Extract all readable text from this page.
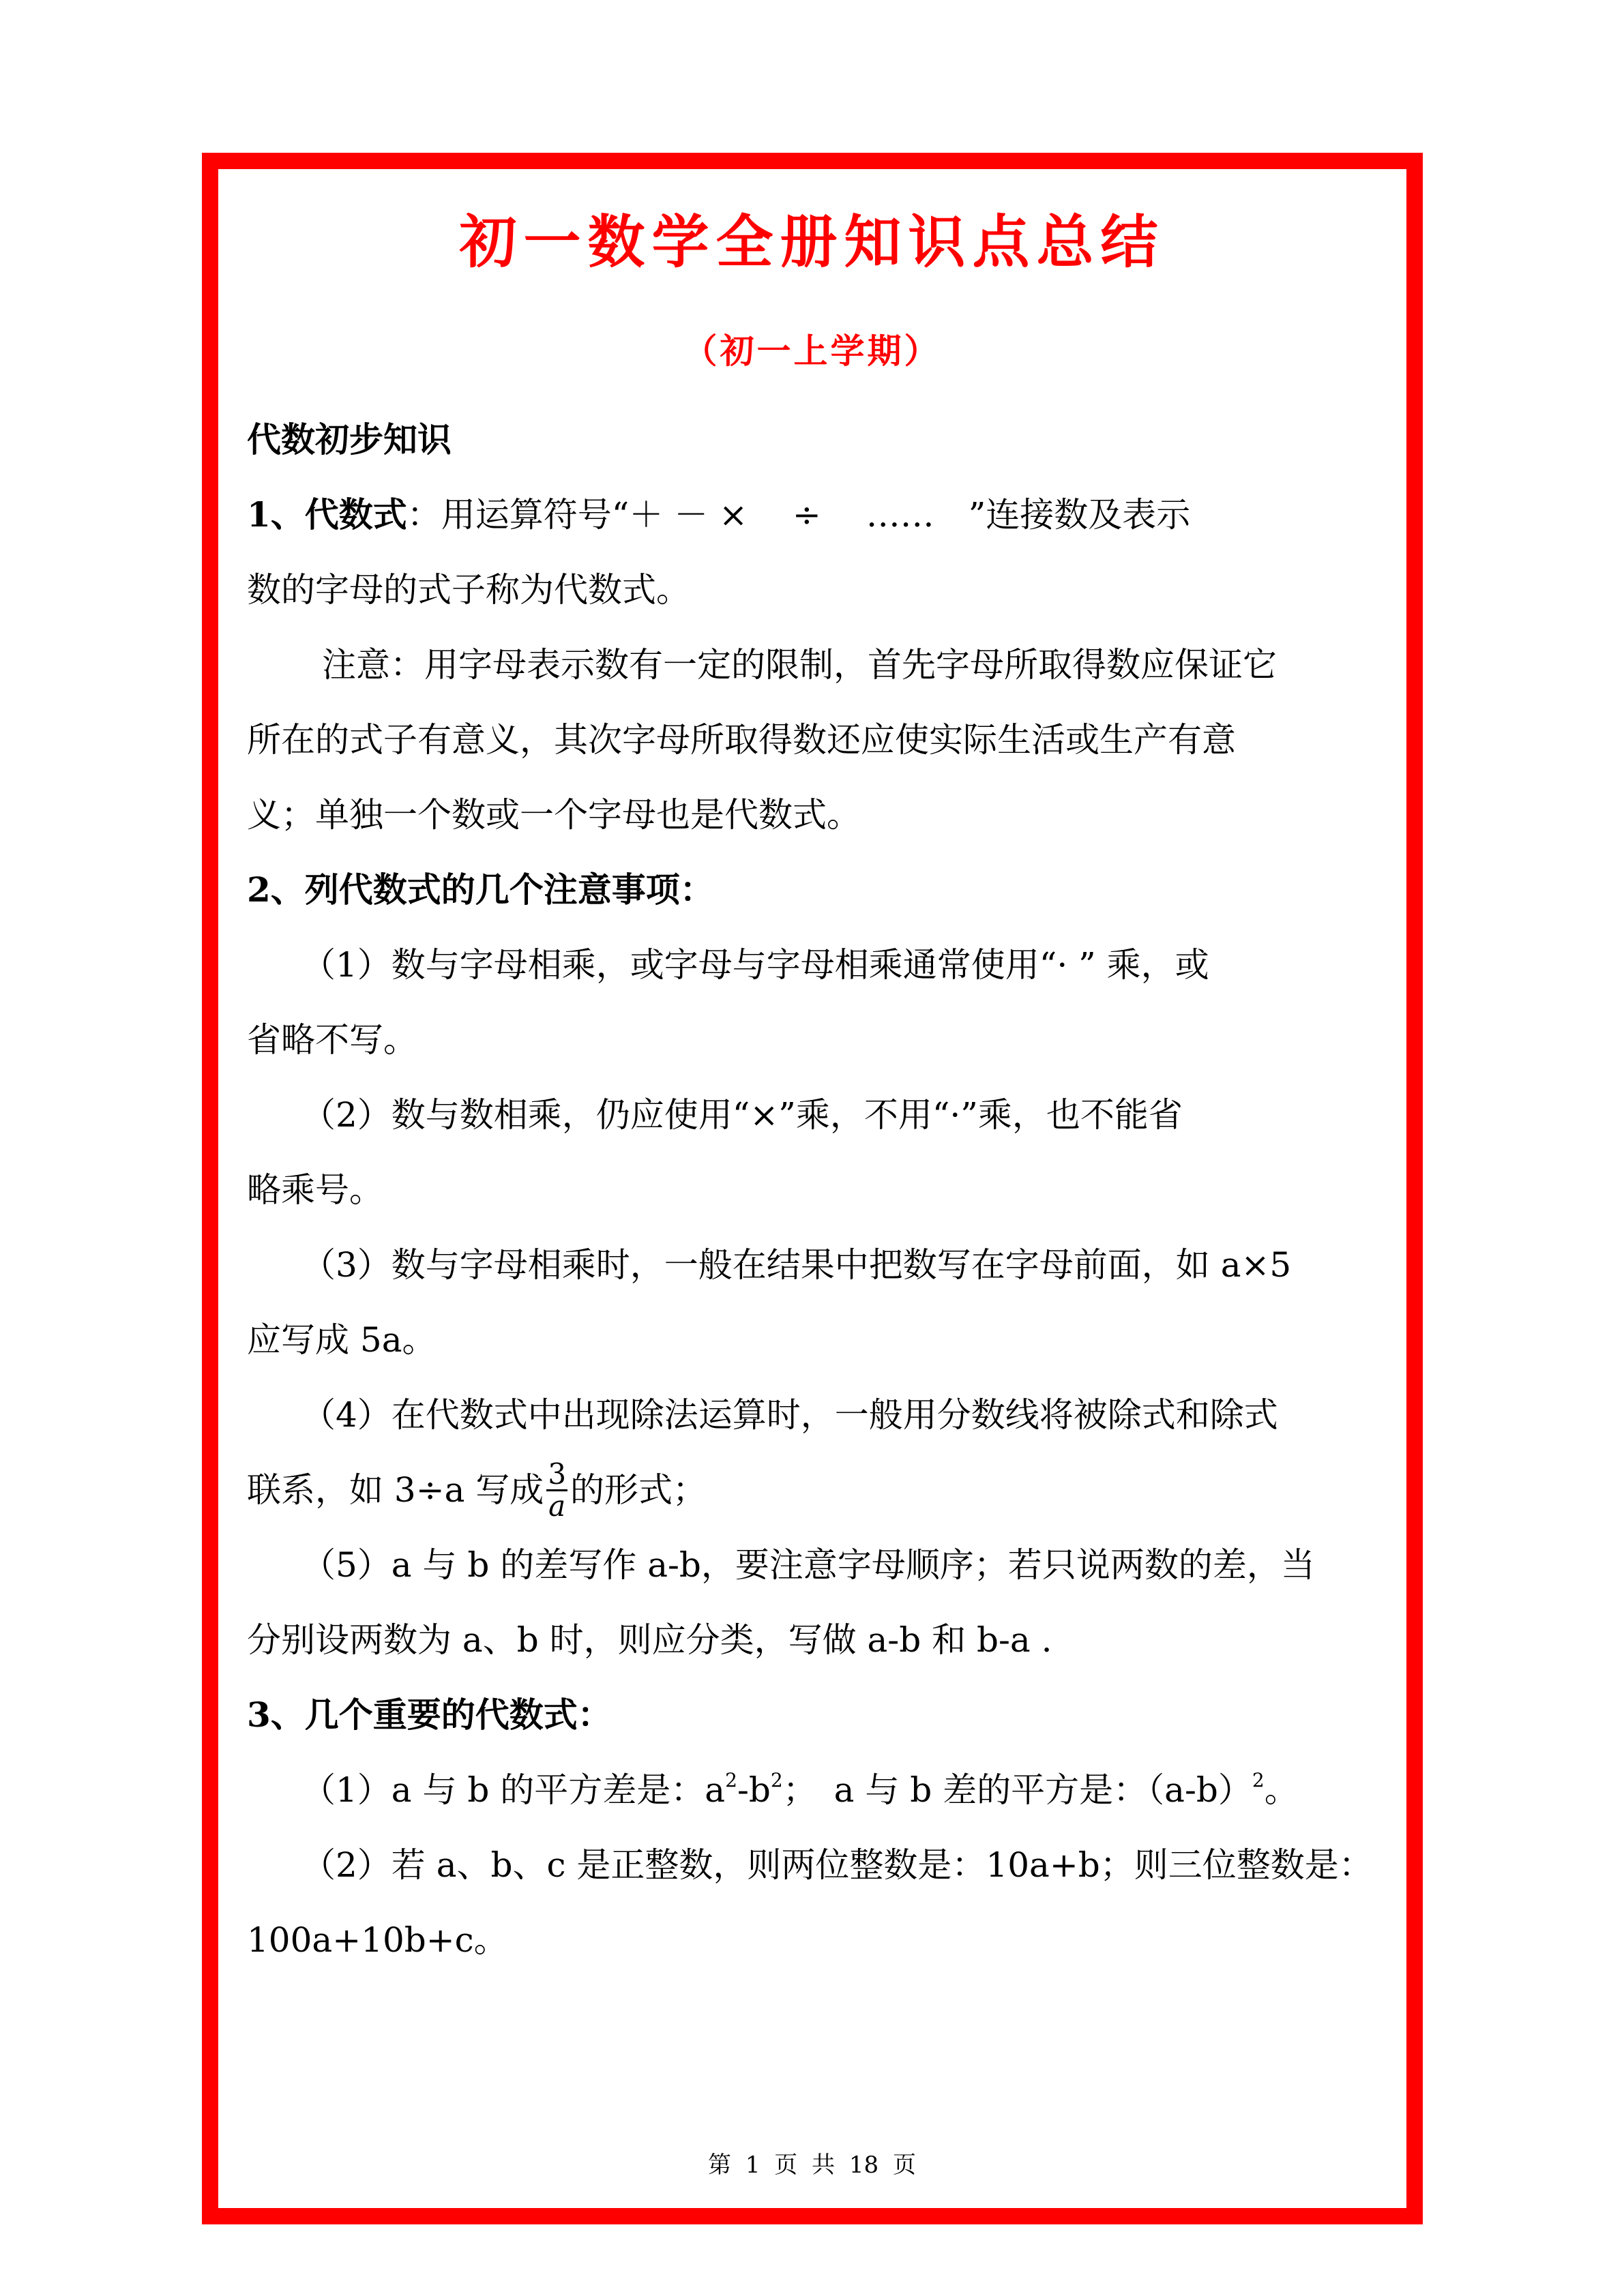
初一数学全册知识点总结
（初一上学期）
代数初步知识
1、代数式：用运算符号“＋ － ×　 ÷　 ……　”连接数及表示
数的字母的式子称为代数式。
注意：用字母表示数有一定的限制，首先字母所取得数应保证它
所在的式子有意义，其次字母所取得数还应使实际生活或生产有意
义；单独一个数或一个字母也是代数式。
2、列代数式的几个注意事项：
（1）数与字母相乘，或字母与字母相乘通常使用“· ” 乘，或
省略不写。
（2）数与数相乘，仍应使用“×”乘，不用“·”乘，也不能省
略乘号。
（3）数与字母相乘时，一般在结果中把数写在字母前面，如 a×5
应写成 5a。
（4）在代数式中出现除法运算时，一般用分数线将被除式和除式
联系，如 3÷a 写成 $\frac{3}{a}$ 的形式；
（5）a 与 b 的差写作 a-b，要注意字母顺序；若只说两数的差，当
分别设两数为 a、b 时，则应分类，写做 a-b 和 b-a .
3、几个重要的代数式：
（1）a 与 b 的平方差是：$a^2-b^2$；　a 与 b 差的平方是：$(a-b)^2$。
（2）若 a、b、c 是正整数，则两位整数是：10a+b；则三位整数是：
100a+10b+c。
第 1 页 共 18 页
